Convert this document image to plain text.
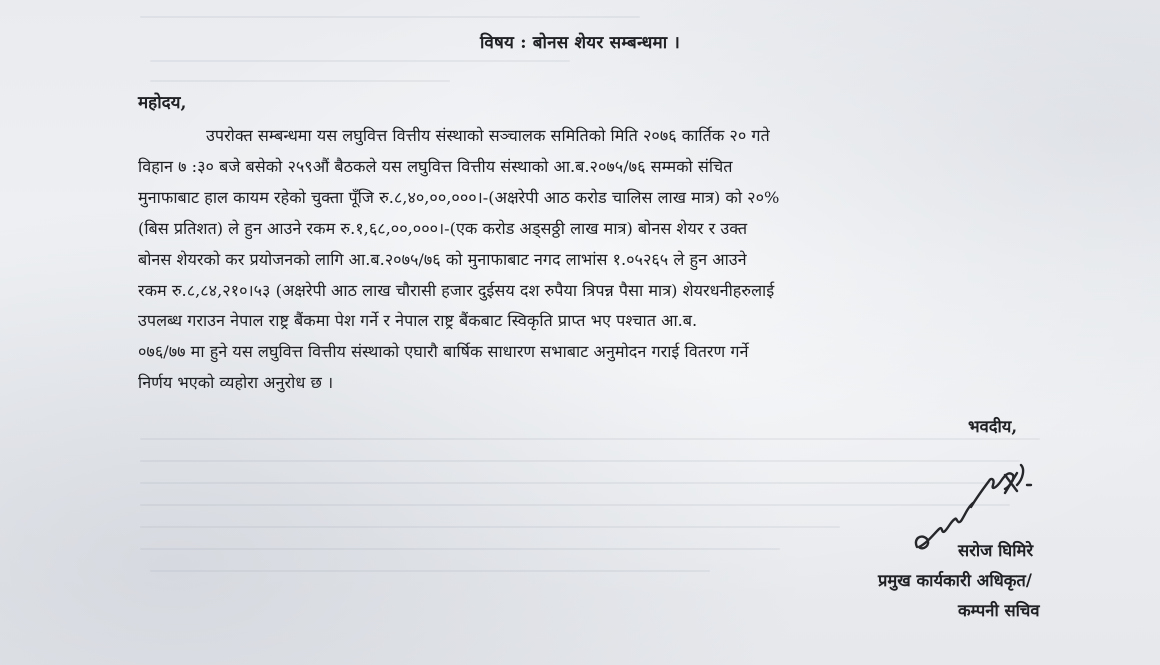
विषय : बोनस शेयर सम्बन्धमा ।
महोदय,
उपरोक्त सम्बन्धमा यस लघुवित्त वित्तीय संस्थाको सञ्चालक समितिको मिति २०७६ कार्तिक २० गते
विहान ७ :३० बजे बसेको २५९औं बैठकले यस लघुवित्त वित्तीय संस्थाको आ.ब.२०७५/७६ सम्मको संचित
मुनाफाबाट हाल कायम रहेको चुक्ता पूँजि रु.८,४०,००,०००।-(अक्षरेपी आठ करोड चालिस लाख मात्र) को २०%
(बिस प्रतिशत) ले हुन आउने रकम रु.१,६८,००,०००।-(एक करोड अड्सठ्ठी लाख मात्र) बोनस शेयर र उक्त
बोनस शेयरको कर प्रयोजनको लागि आ.ब.२०७५/७६ को मुनाफाबाट नगद लाभांस १.०५२६५ ले हुन आउने
रकम रु.८,८४,२१०।५३ (अक्षरेपी आठ लाख चौरासी हजार दुईसय दश रुपैया त्रिपन्न पैसा मात्र) शेयरधनीहरुलाई
उपलब्ध गराउन नेपाल राष्ट्र बैंकमा पेश गर्ने र नेपाल राष्ट्र बैंकबाट स्विकृति प्राप्त भए पश्चात आ.ब.
०७६/७७ मा हुने यस लघुवित्त वित्तीय संस्थाको एघारौ बार्षिक साधारण सभाबाट अनुमोदन गराई वितरण गर्ने
निर्णय भएको व्यहोरा अनुरोध छ ।
भवदीय,
सरोज घिमिरे
प्रमुख कार्यकारी अधिकृत/
कम्पनी सचिव
